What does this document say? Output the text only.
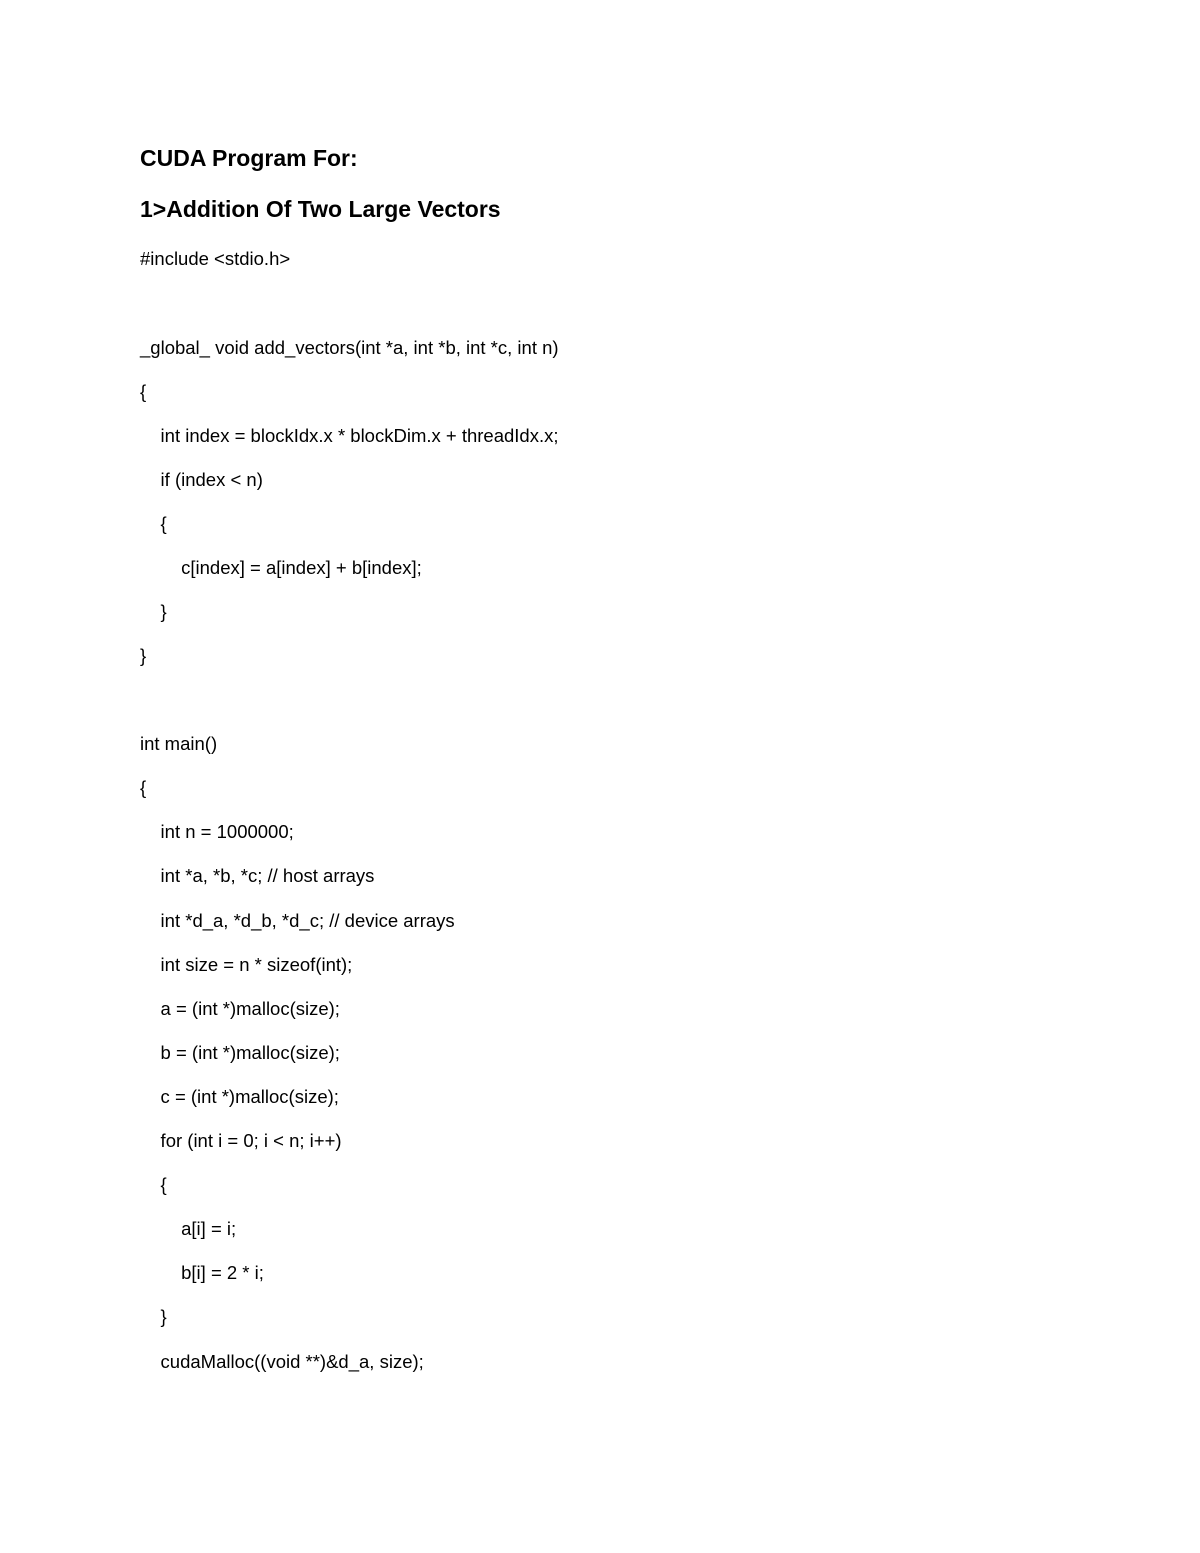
CUDA Program For:
1>Addition Of Two Large Vectors

#include <stdio.h>

_global_ void add_vectors(int *a, int *b, int *c, int n)

{

int index = blockIdx.x * blockDim.x + threadIdx.x;

if (index < n)

{

c[index] = a[index] + b[index];

}

}

int main()

{

int n = 1000000;

int *a, *b, *c; // host arrays

int *d_a, *d_b, *d_c; // device arrays

int size = n * sizeof(int);

a = (int *)malloc(size);

b = (int *)malloc(size);

c = (int *)malloc(size);

for (int i = 0; i < n; i++)

{

a[i] = i;

b[i] = 2 * i;

}

cudaMalloc((void **)&d_a, size);
